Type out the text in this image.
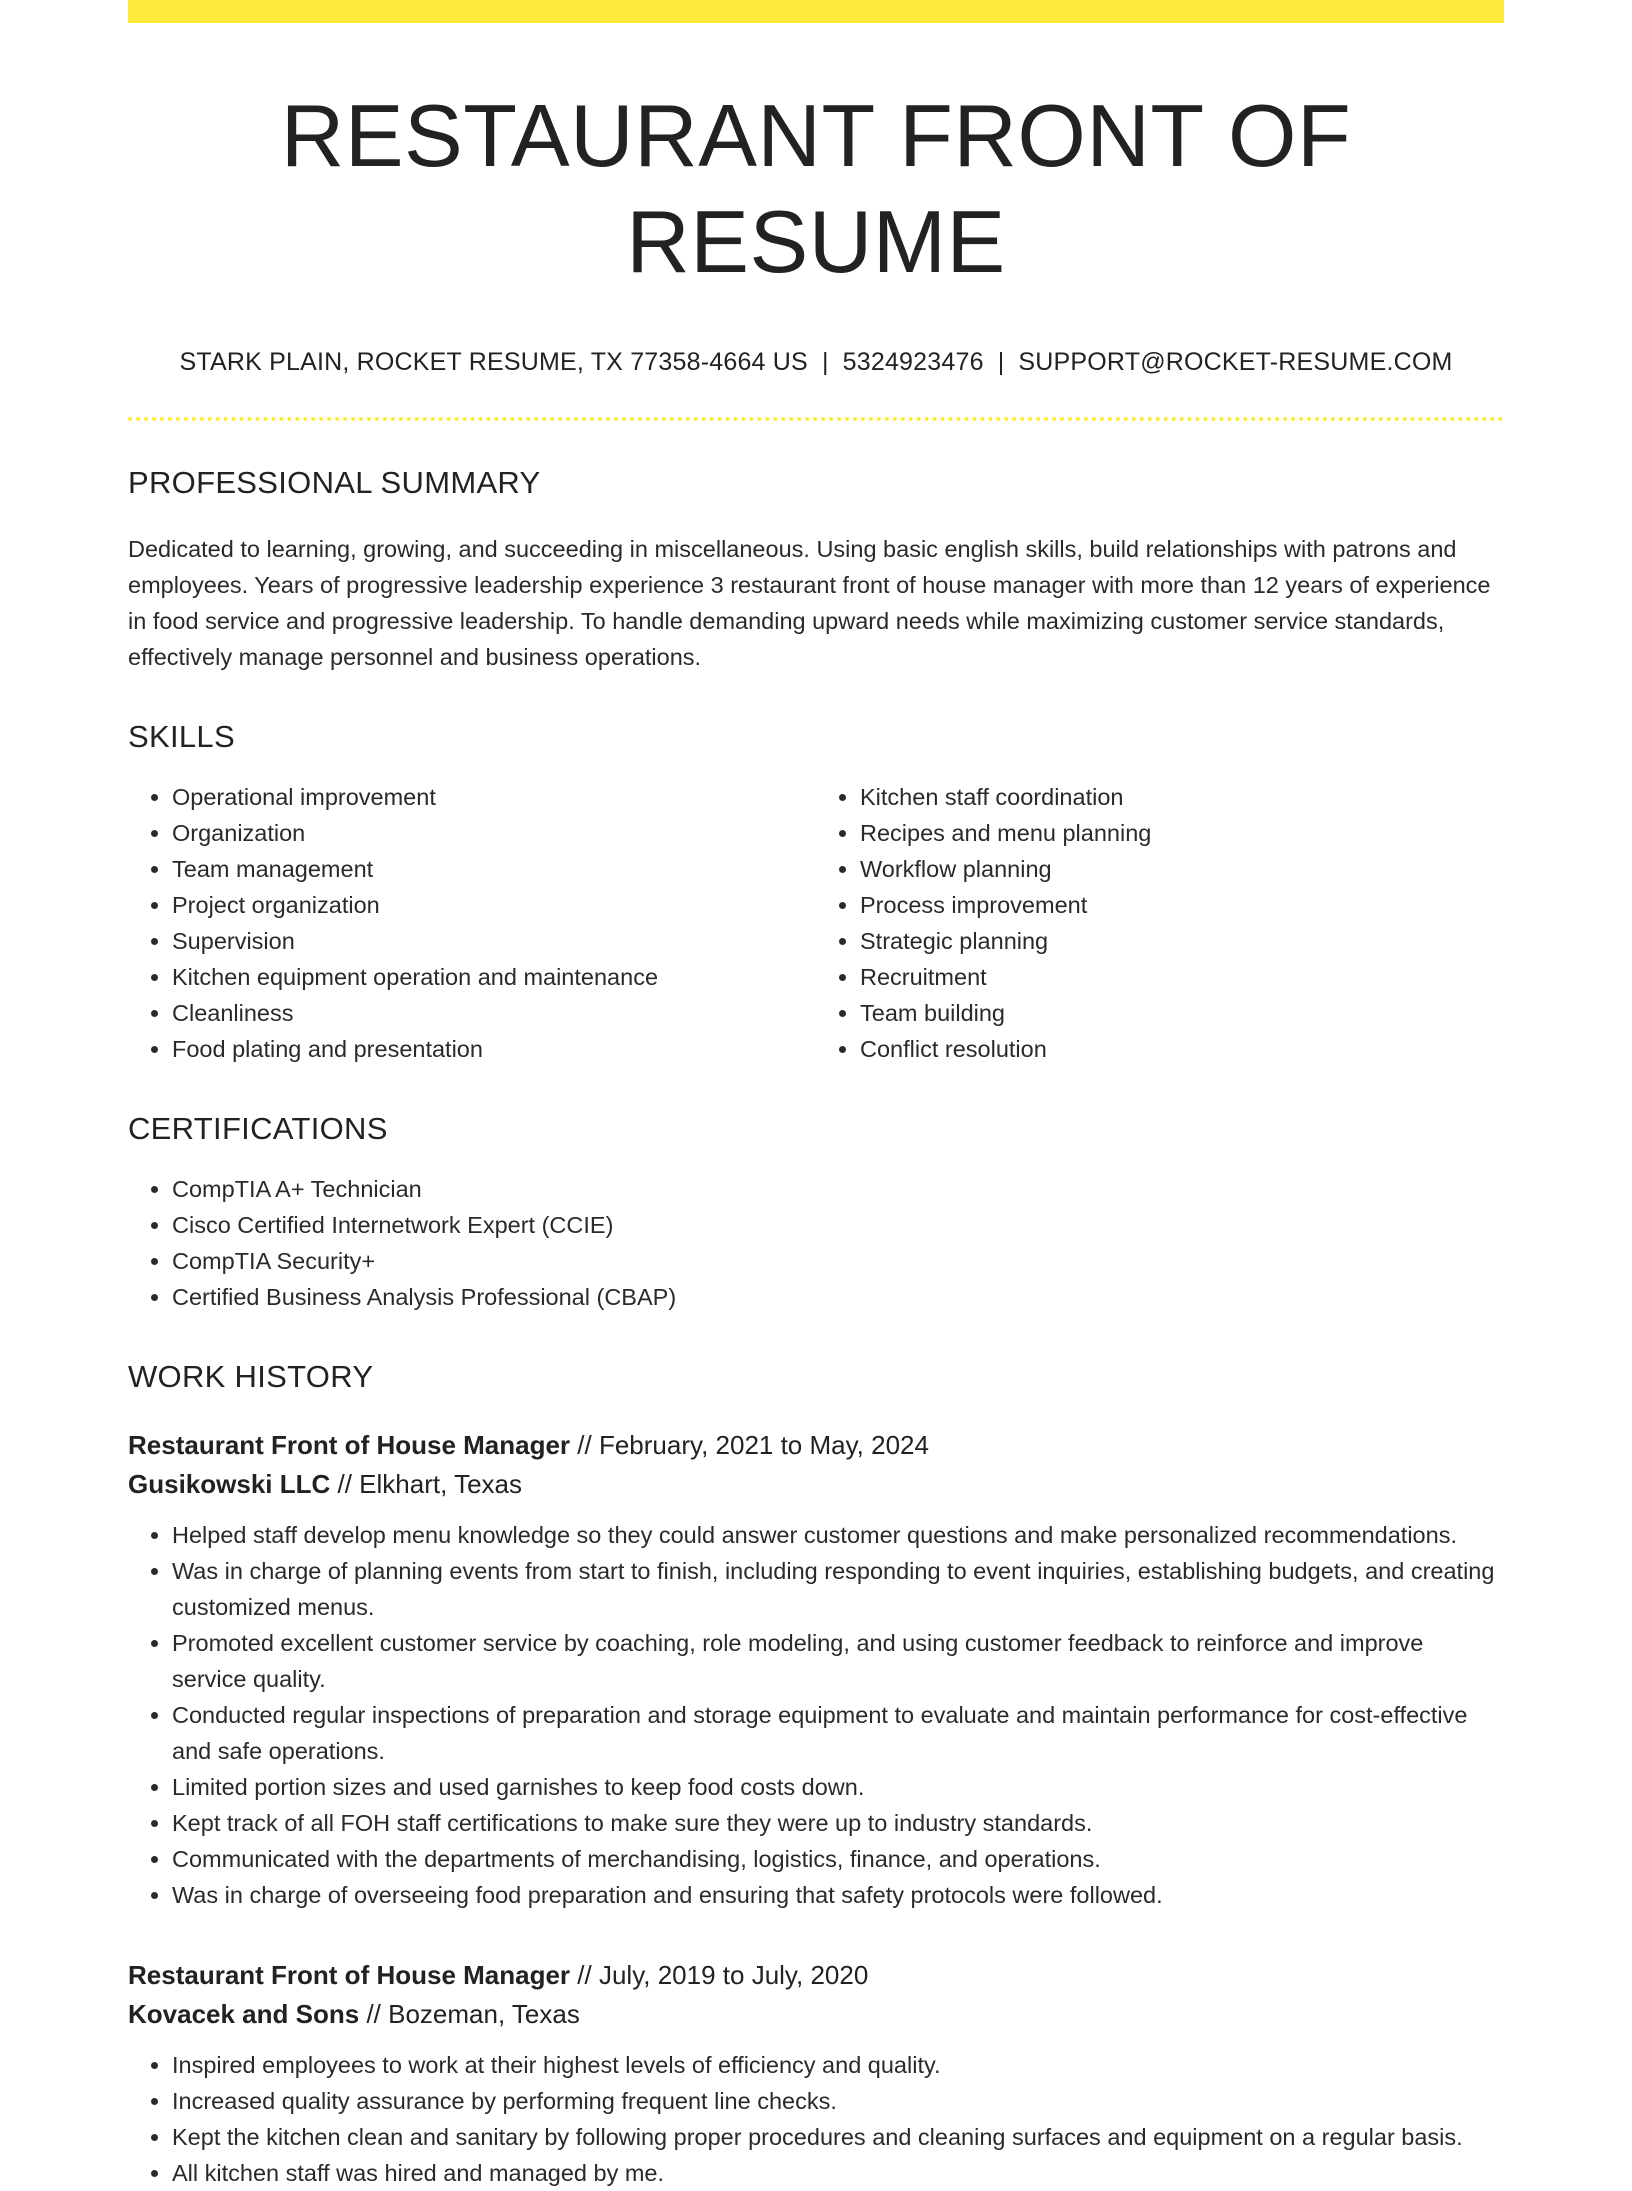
RESTAURANT FRONT OF RESUME
STARK PLAIN, ROCKET RESUME, TX 77358-4664 US | 5324923476 | SUPPORT@ROCKET-RESUME.COM
PROFESSIONAL SUMMARY

Dedicated to learning, growing, and succeeding in miscellaneous. Using basic english skills, build relationships with patrons and employees. Years of progressive leadership experience 3 restaurant front of house manager with more than 12 years of experience in food service and progressive leadership. To handle demanding upward needs while maximizing customer service standards, effectively manage personnel and business operations.

SKILLS
• Operational improvement
• Organization
• Team management
• Project organization
• Supervision
• Kitchen equipment operation and maintenance
• Cleanliness
• Food plating and presentation
• Kitchen staff coordination
• Recipes and menu planning
• Workflow planning
• Process improvement
• Strategic planning
• Recruitment
• Team building
• Conflict resolution
CERTIFICATIONS
• CompTIA A+ Technician
• Cisco Certified Internetwork Expert (CCIE)
• CompTIA Security+
• Certified Business Analysis Professional (CBAP)
WORK HISTORY
Restaurant Front of House Manager // February, 2021 to May, 2024
Gusikowski LLC // Elkhart, Texas
• Helped staff develop menu knowledge so they could answer customer questions and make personalized recommendations.
• Was in charge of planning events from start to finish, including responding to event inquiries, establishing budgets, and creating customized menus.
• Promoted excellent customer service by coaching, role modeling, and using customer feedback to reinforce and improve service quality.
• Conducted regular inspections of preparation and storage equipment to evaluate and maintain performance for cost-effective and safe operations.
• Limited portion sizes and used garnishes to keep food costs down.
• Kept track of all FOH staff certifications to make sure they were up to industry standards.
• Communicated with the departments of merchandising, logistics, finance, and operations.
• Was in charge of overseeing food preparation and ensuring that safety protocols were followed.
Restaurant Front of House Manager // July, 2019 to July, 2020
Kovacek and Sons // Bozeman, Texas
• Inspired employees to work at their highest levels of efficiency and quality.
• Increased quality assurance by performing frequent line checks.
• Kept the kitchen clean and sanitary by following proper procedures and cleaning surfaces and equipment on a regular basis.
• All kitchen staff was hired and managed by me.
